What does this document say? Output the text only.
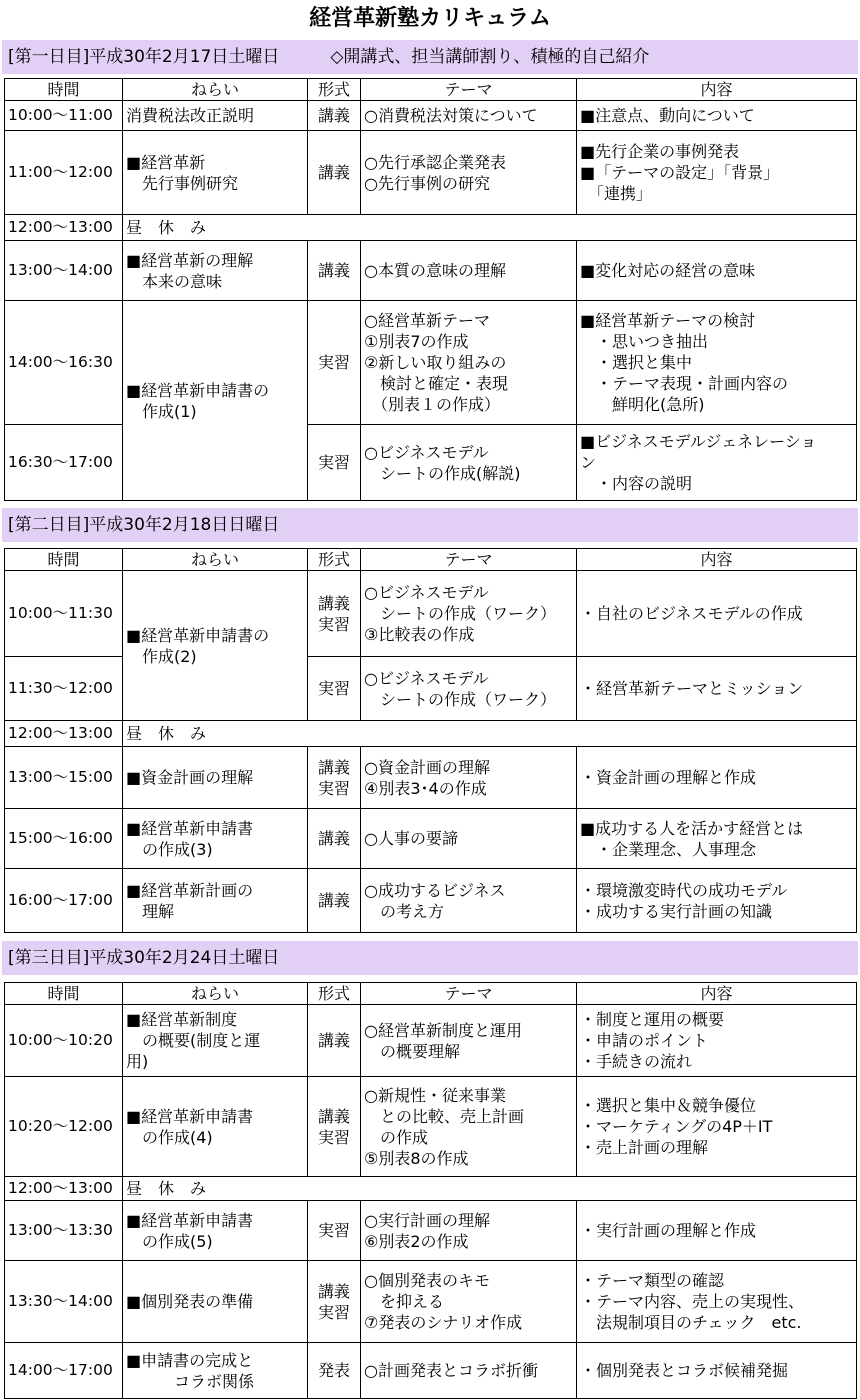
経営革新塾カリキュラム
[第一日目]平成30年2月17日土曜日　　　	◇開講式、担当講師割り、積極的自己紹介
時間	ねらい	形式	テーマ	内容
10:00～11:00	消費税法改正説明	講義	○消費税法対策について	■注意点、動向について
11:00～12:00	■経営革新
　先行事例研究	講義	○先行承認企業発表
○先行事例の研究	■先行企業の事例発表
■「テーマの設定」「背景」
　「連携」
12:00～13:00	昼　休　み			
13:00～14:00	■経営革新の理解
　本来の意味	講義	○本質の意味の理解	■変化対応の経営の意味
14:00～16:30	■経営革新申請書の
　作成(1)	実習	○経営革新テーマ
①別表7の作成
②新しい取り組みの
　検討と確定・表現
　（別表１の作成）	■経営革新テーマの検討
　・思いつき抽出
　・選択と集中
　・テーマ表現・計画内容の
　　鮮明化(急所)
16:30～17:00		実習	○ビジネスモデル
　シートの作成(解説)	■ビジネスモデルジェネレーショ
ン
　・内容の説明
[第二日目]平成30年2月18日日曜日
時間	ねらい	形式	テーマ	内容
10:00～11:30	■経営革新申請書の
　作成(2)	講義
実習	○ビジネスモデル
　シートの作成（ワーク）
③比較表の作成	・自社のビジネスモデルの作成
11:30～12:00		実習	○ビジネスモデル
　シートの作成（ワーク）	・経営革新テーマとミッション
12:00～13:00	昼　休　み			
13:00～15:00	■資金計画の理解	講義
実習	○資金計画の理解
④別表3･4の作成	・資金計画の理解と作成
15:00～16:00	■経営革新申請書
　の作成(3)	講義	○人事の要諦	■成功する人を活かす経営とは
　・企業理念、人事理念
16:00～17:00	■経営革新計画の
　理解	講義	○成功するビジネス
　の考え方	・環境激変時代の成功モデル
・成功する実行計画の知識
[第三日目]平成30年2月24日土曜日
時間	ねらい	形式	テーマ	内容
10:00～10:20	■経営革新制度
　の概要(制度と運
用)	講義	○経営革新制度と運用
　の概要理解	・制度と運用の概要
・申請のポイント
・手続きの流れ
10:20～12:00	■経営革新申請書
　の作成(4)	講義
実習	○新規性・従来事業
　との比較、売上計画
　の作成
⑤別表8の作成	・選択と集中＆競争優位
・マーケティングの4P＋IT
・売上計画の理解
12:00～13:00	昼　休　み			
13:00～13:30	■経営革新申請書
　の作成(5)	実習	○実行計画の理解
⑥別表2の作成	・実行計画の理解と作成
13:30～14:00	■個別発表の準備	講義
実習	○個別発表のキモ
　を抑える
⑦発表のシナリオ作成	・テーマ類型の確認
・テーマ内容、売上の実現性、
　法規制項目のチェック　etc.
14:00～17:00	■申請書の完成と
　　　コラボ関係	発表	○計画発表とコラボ折衝	・個別発表とコラボ候補発掘
